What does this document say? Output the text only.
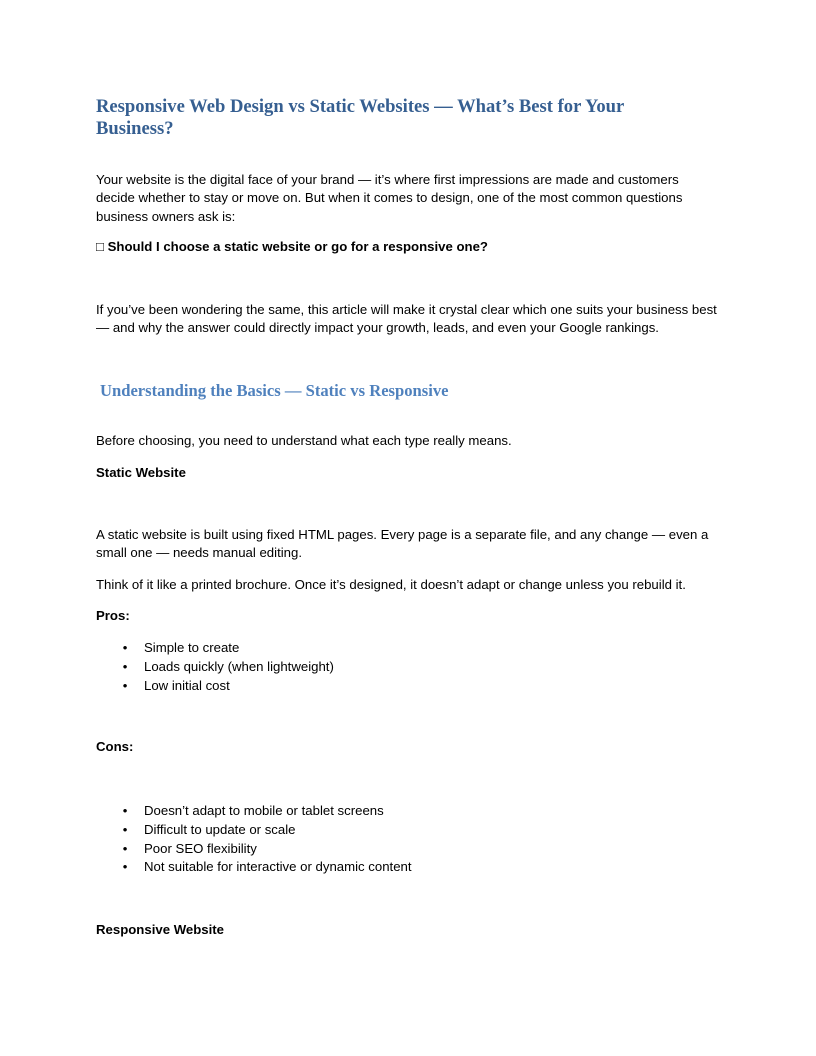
Responsive Web Design vs Static Websites — What’s Best for Your Business?

Your website is the digital face of your brand — it’s where first impressions are made and customers decide whether to stay or move on. But when it comes to design, one of the most common questions business owners ask is:

□ Should I choose a static website or go for a responsive one?

If you’ve been wondering the same, this article will make it crystal clear which one suits your business best — and why the answer could directly impact your growth, leads, and even your Google rankings.

Understanding the Basics — Static vs Responsive

Before choosing, you need to understand what each type really means.

Static Website

A static website is built using fixed HTML pages. Every page is a separate file, and any change — even a small one — needs manual editing.

Think of it like a printed brochure. Once it’s designed, it doesn’t adapt or change unless you rebuild it.

Pros:

• Simple to create
• Loads quickly (when lightweight)
• Low initial cost

Cons:

• Doesn’t adapt to mobile or tablet screens
• Difficult to update or scale
• Poor SEO flexibility
• Not suitable for interactive or dynamic content

Responsive Website
